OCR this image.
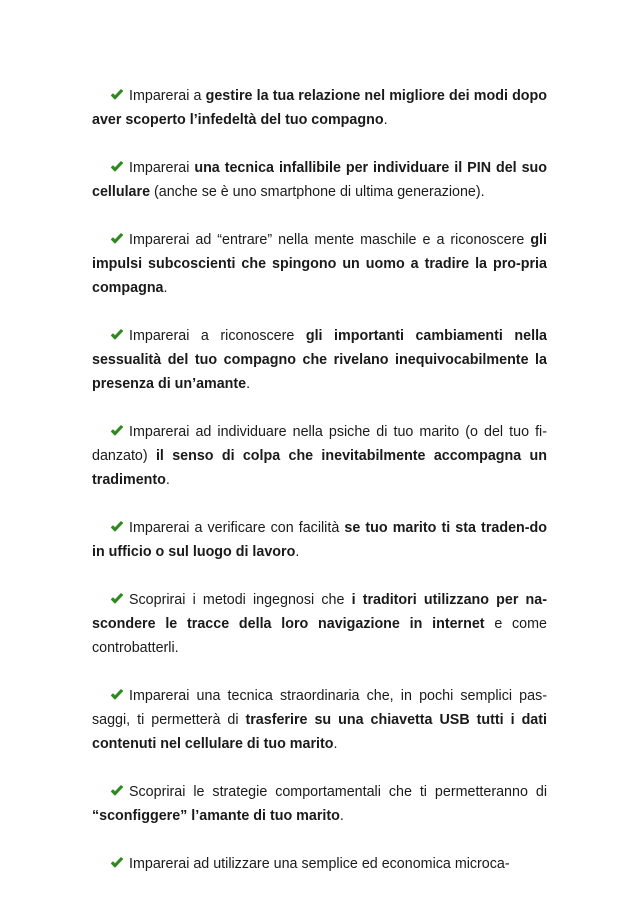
Imparerai a gestire la tua relazione nel migliore dei modi dopo aver scoperto l’infedeltà del tuo compagno.

Imparerai una tecnica infallibile per individuare il PIN del suo cellulare (anche se è uno smartphone di ultima generazione).

Imparerai ad “entrare” nella mente maschile e a riconoscere gli impulsi subcoscienti che spingono un uomo a tradire la pro-pria compagna.

Imparerai a riconoscere gli importanti cambiamenti nella sessualità del tuo compagno che rivelano inequivocabilmente la presenza di un’amante.

Imparerai ad individuare nella psiche di tuo marito (o del tuo fi-danzato) il senso di colpa che inevitabilmente accompagna un tradimento.

Imparerai a verificare con facilità se tuo marito ti sta traden-do in ufficio o sul luogo di lavoro.

Scoprirai i metodi ingegnosi che i traditori utilizzano per na-scondere le tracce della loro navigazione in internet e come controbatterli.

Imparerai una tecnica straordinaria che, in pochi semplici pas-saggi, ti permetterà di trasferire su una chiavetta USB tutti i dati contenuti nel cellulare di tuo marito.

Scoprirai le strategie comportamentali che ti permetteranno di “sconfiggere” l’amante di tuo marito.

Imparerai ad utilizzare una semplice ed economica microca-
